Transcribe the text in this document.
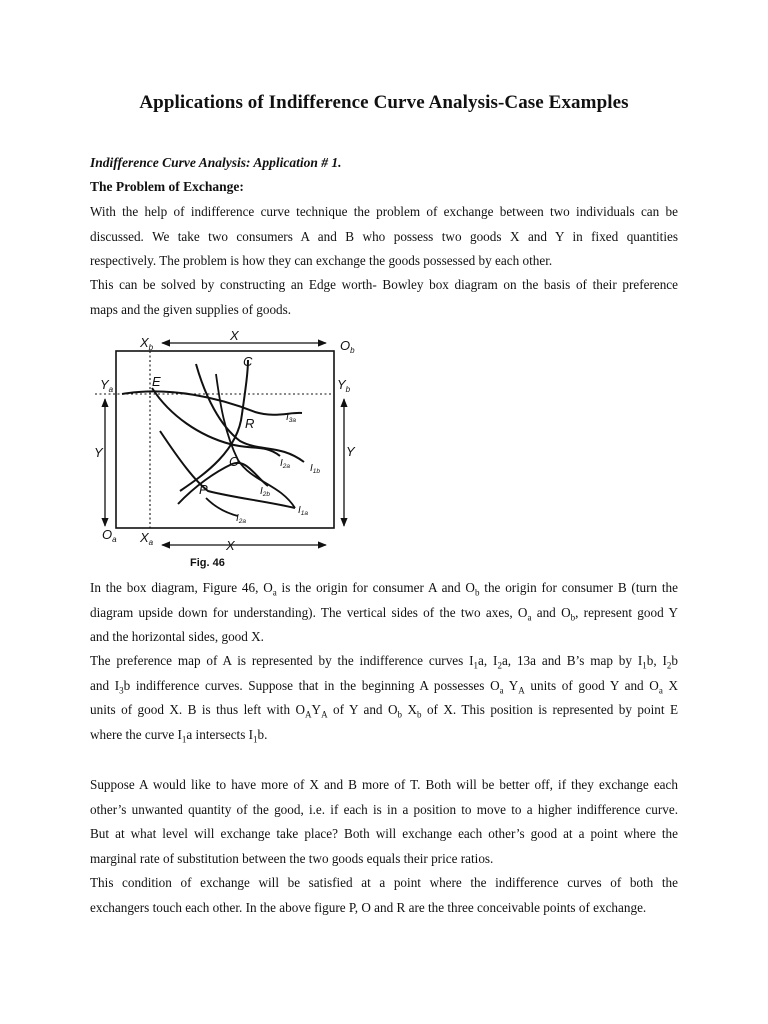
Applications of Indifference Curve Analysis-Case Examples
Indifference Curve Analysis: Application # 1.
The Problem of Exchange:

With the help of indifference curve technique the problem of exchange between two individuals can be
discussed. We take two consumers A and B who possess two goods X and Y in fixed quantities
respectively. The problem is how they can exchange the goods possessed by each other.

This can be solved by constructing an Edge worth- Bowley box diagram on the basis of their preference
maps and the given supplies of goods.

$X_b$
X
$O_b$
$Y_a$	$Y_b$
E
C
R
O
P
Y	Y
$O_a$ $X_a$	X
$I_{3a}$
$I_{2a}$ $I_{1b}$
$I_{2b}$
$I_{1a}$
$I_{2a}$
Fig. 46

In the box diagram, Figure 46, $O_a$ is the origin for consumer A and $O_b$ the origin for consumer B (turn the
diagram upside down for understanding). The vertical sides of the two axes, $O_a$ and $O_b$, represent good Y
and the horizontal sides, good X.

The preference map of A is represented by the indifference curves $I_1a$, $I_2a$, 13a and B’s map by $I_1b$, $I_2b$
and $I_3b$ indifference curves. Suppose that in the beginning A possesses $O_a$ $Y_A$ units of good Y and $O_a$ X
units of good X. B is thus left with $O_AY_A$ of Y and $O_b$ $X_b$ of X. This position is represented by point E
where the curve $I_1a$ intersects $I_1b$.

Suppose A would like to have more of X and B more of T. Both will be better off, if they exchange each
other’s unwanted quantity of the good, i.e. if each is in a position to move to a higher indifference curve.
But at what level will exchange take place? Both will exchange each other’s good at a point where the
marginal rate of substitution between the two goods equals their price ratios.

This condition of exchange will be satisfied at a point where the indifference curves of both the
exchangers touch each other. In the above figure P, O and R are the three conceivable points of exchange.
